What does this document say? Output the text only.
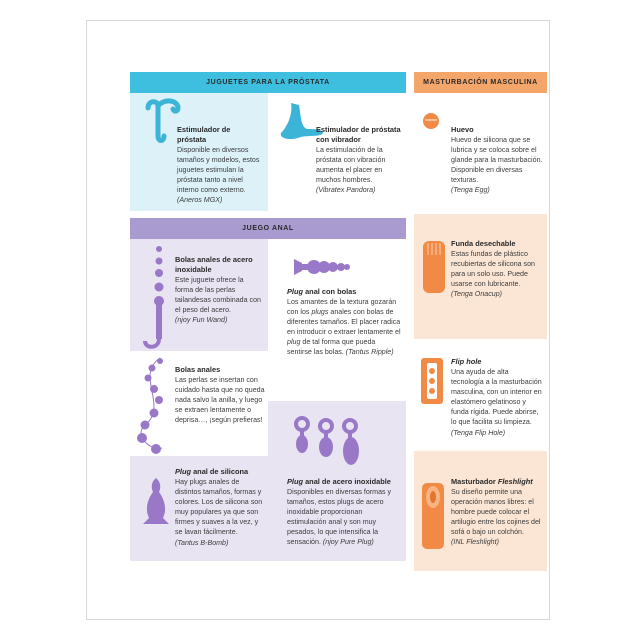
JUGUETES PARA LA PRÓSTATA	MASTURBACIÓN MASCULINA
JUEGO ANAL
Estimulador de próstata
Disponible en diversos tamaños y modelos, estos juguetes estimulan la próstata tanto a nivel interno como externo.
(Aneros MGX)
Estimulador de próstata con vibrador
La estimulación de la próstata con vibración aumenta el placer en muchos hombres.
(Vibratex Pandora)
Huevo
Huevo de silicona que se lubrica y se coloca sobre el glande para la masturbación. Disponible en diversas texturas.
(Tenga Egg)
Bolas anales de acero inoxidable
Este juguete ofrece la forma de las perlas tailandesas combinada con el peso del acero.
(njoy Fun Wand)
Plug anal con bolas
Los amantes de la textura gozarán con los plugs anales con bolas de diferentes tamaños. El placer radica en introducir o extraer lentamente el plug de tal forma que pueda sentirse las bolas. (Tantus Ripple)
Funda desechable
Estas fundas de plástico recubiertas de silicona son para un solo uso. Puede usarse con lubricante.
(Tenga Onacup)
Bolas anales
Las perlas se insertan con cuidado hasta que no queda nada salvo la anilla, y luego se extraen lentamente o deprisa…, ¡según prefieras!
Flip hole
Una ayuda de alta tecnología a la masturbación masculina, con un interior en elastómero gelatinoso y funda rígida. Puede abrirse, lo que facilita su limpieza.
(Tenga Flip Hole)
Plug anal de silicona
Hay plugs anales de distintos tamaños, formas y colores. Los de silicona son muy populares ya que son firmes y suaves a la vez, y se lavan fácilmente.
(Tantus B-Bomb)
Plug anal de acero inoxidable
Disponibles en diversas formas y tamaños, estos plugs de acero inoxidable proporcionan estimulación anal y son muy pesados, lo que intensifica la sensación. (njoy Pure Plug)
Masturbador Fleshlight
Su diseño permite una operación manos libres: el hombre puede colocar el artilugio entre los cojines del sofá o bajo un colchón.
(INL Fleshlight)
